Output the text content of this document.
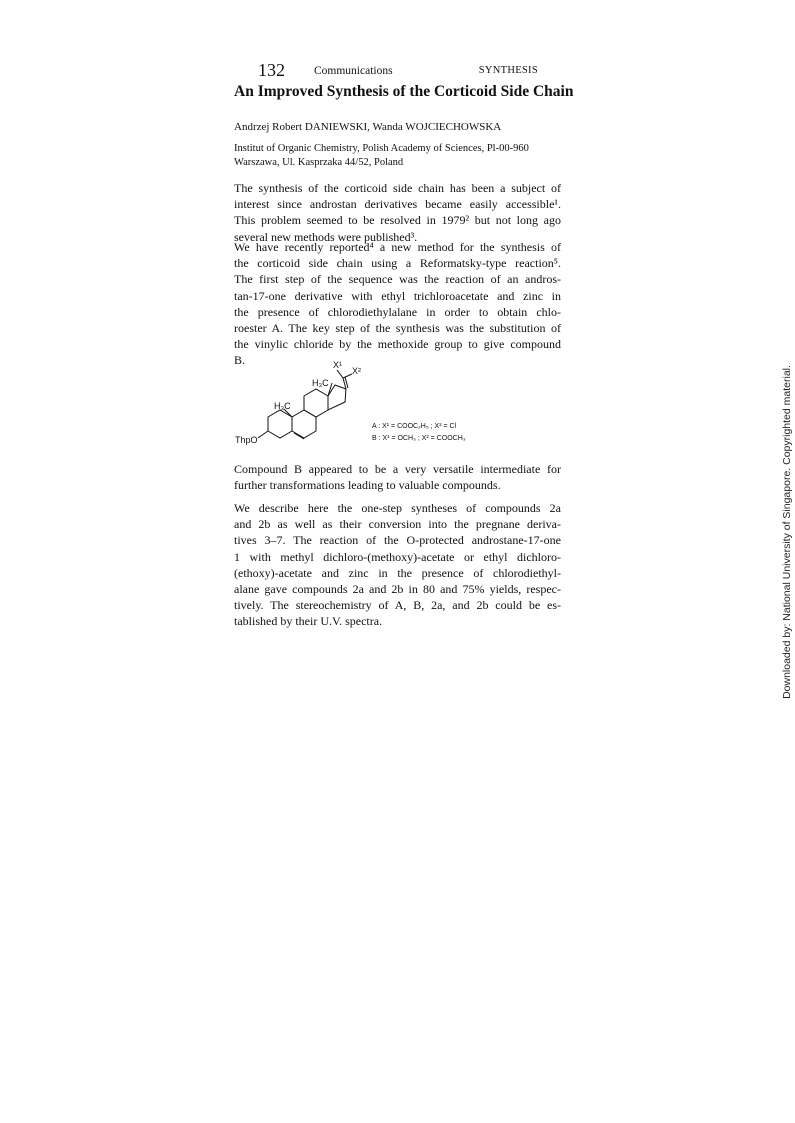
132	Communications	SYNTHESIS
An Improved Synthesis of the Corticoid Side Chain
Andrzej Robert DANIEWSKI, Wanda WOJCIECHOWSKA
Institut of Organic Chemistry, Polish Academy of Sciences, Pl-00-960
Warszawa, Ul. Kasprzaka 44/52, Poland
The synthesis of the corticoid side chain has been a subject of
interest since androstan derivatives became easily accessible¹.
This problem seemed to be resolved in 1979² but not long ago
several new methods were published³.
We have recently reported⁴ a new method for the synthesis of
the corticoid side chain using a Reformatsky-type reaction⁵.
The first step of the sequence was the reaction of an andros-
tan-17-one derivative with ethyl trichloroacetate and zinc in
the presence of chlorodiethylalane in order to obtain chlo-
roester A. The key step of the synthesis was the substitution of
the vinylic chloride by the methoxide group to give compound
B.	X¹
X²
H₃C
H₃C
ThpO
A : X¹ = COOC₂H₅ ; X² = Cl
B : X¹ = OCH₃ ; X² = COOCH₃
Compound B appeared to be a very versatile intermediate for
further transformations leading to valuable compounds.
We describe here the one-step syntheses of compounds 2a
and 2b as well as their conversion into the pregnane deriva-
tives 3–7. The reaction of the O-protected androstane-17-one
1 with methyl dichloro-(methoxy)-acetate or ethyl dichloro-
(ethoxy)-acetate and zinc in the presence of chlorodiethyl-
alane gave compounds 2a and 2b in 80 and 75% yields, respec-
tively. The stereochemistry of A, B, 2a, and 2b could be es-
tablished by their U.V. spectra.	Downloaded by: National University of Singapore. Copyrighted material.
